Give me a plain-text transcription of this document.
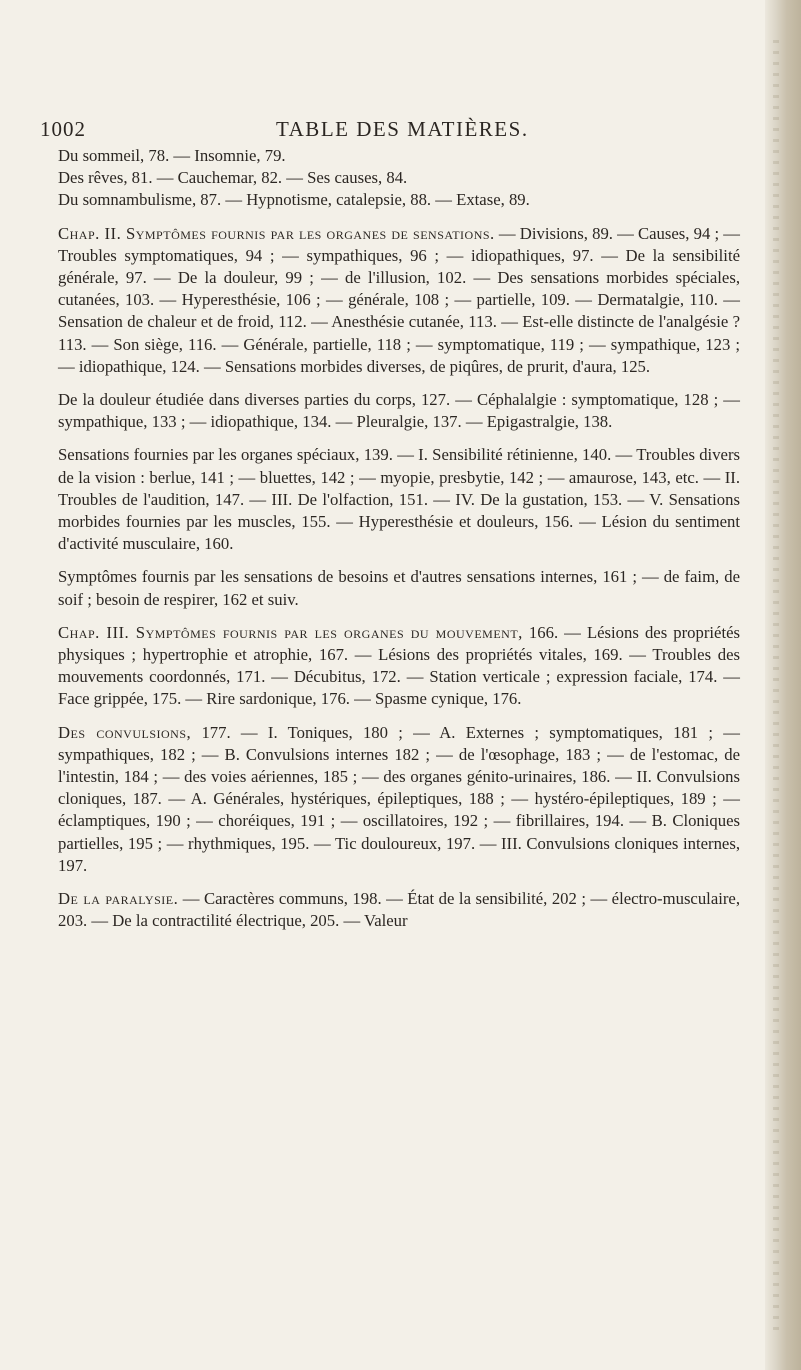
1002	TABLE DES MATIÈRES.

Du sommeil, 78. — Insomnie, 79.

Des rêves, 81. — Cauchemar, 82. — Ses causes, 84.

Du somnambulisme, 87. — Hypnotisme, catalepsie, 88. — Extase, 89.

Chap. II. Symptômes fournis par les organes de sensations. — Divisions, 89. — Causes, 94 ; — Troubles symptomatiques, 94 ; — sympathiques, 96 ; — idiopathiques, 97. — De la sensibilité générale, 97. — De la douleur, 99 ; — de l'illusion, 102. — Des sensations morbides spéciales, cutanées, 103. — Hyperesthésie, 106 ; — générale, 108 ; — partielle, 109. — Dermatalgie, 110. — Sensation de chaleur et de froid, 112. — Anesthésie cutanée, 113. — Est-elle distincte de l'analgésie ? 113. — Son siège, 116. — Générale, partielle, 118 ; — symptomatique, 119 ; — sympathique, 123 ; — idiopathique, 124. — Sensations morbides diverses, de piqûres, de prurit, d'aura, 125.

De la douleur étudiée dans diverses parties du corps, 127. — Céphalalgie : symptomatique, 128 ; — sympathique, 133 ; — idiopathique, 134. — Pleuralgie, 137. — Epigastralgie, 138.

Sensations fournies par les organes spéciaux, 139. — I. Sensibilité rétinienne, 140. — Troubles divers de la vision : berlue, 141 ; — bluettes, 142 ; — myopie, presbytie, 142 ; — amaurose, 143, etc. — II. Troubles de l'audition, 147. — III. De l'olfaction, 151. — IV. De la gustation, 153. — V. Sensations morbides fournies par les muscles, 155. — Hyperesthésie et douleurs, 156. — Lésion du sentiment d'activité musculaire, 160.

Symptômes fournis par les sensations de besoins et d'autres sensations internes, 161 ; — de faim, de soif ; besoin de respirer, 162 et suiv.

Chap. III. Symptômes fournis par les organes du mouvement, 166. — Lésions des propriétés physiques ; hypertrophie et atrophie, 167. — Lésions des propriétés vitales, 169. — Troubles des mouvements coordonnés, 171. — Décubitus, 172. — Station verticale ; expression faciale, 174. — Face grippée, 175. — Rire sardonique, 176. — Spasme cynique, 176.

Des convulsions, 177. — I. Toniques, 180 ; — A. Externes ; symptomatiques, 181 ; — sympathiques, 182 ; — B. Convulsions internes 182 ; — de l'œsophage, 183 ; — de l'estomac, de l'intestin, 184 ; — des voies aériennes, 185 ; — des organes génito-urinaires, 186. — II. Convulsions cloniques, 187. — A. Générales, hystériques, épileptiques, 188 ; — hystéro-épileptiques, 189 ; — éclamptiques, 190 ; — choréiques, 191 ; — oscillatoires, 192 ; — fibrillaires, 194. — B. Cloniques partielles, 195 ; — rhythmiques, 195. — Tic douloureux, 197. — III. Convulsions cloniques internes, 197.

De la paralysie. — Caractères communs, 198. — État de la sensibilité, 202 ; — électro-musculaire, 203. — De la contractilité électrique, 205. — Valeur
